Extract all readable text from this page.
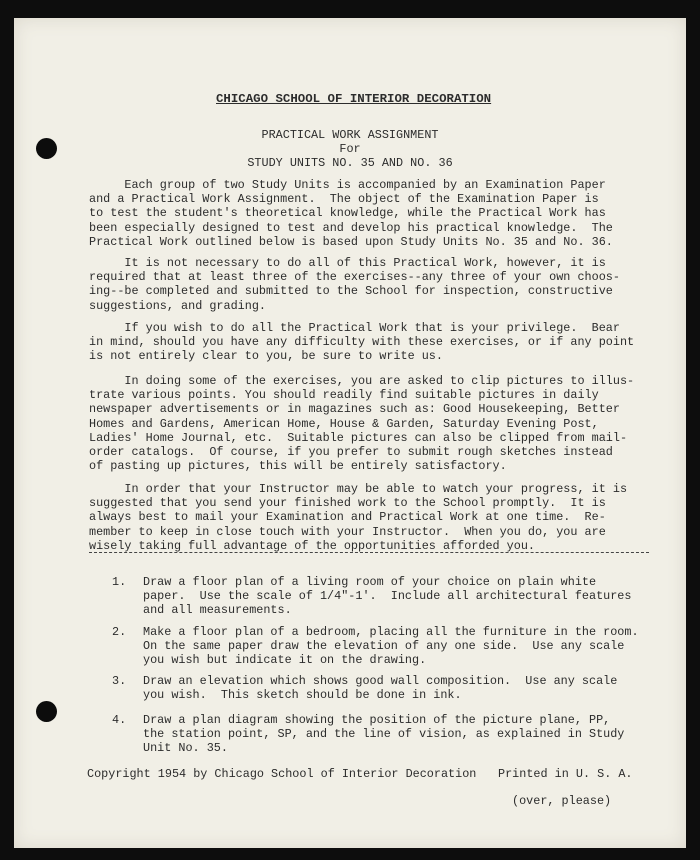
CHICAGO SCHOOL OF INTERIOR DECORATION
PRACTICAL WORK ASSIGNMENT
For
STUDY UNITS NO. 35 AND NO. 36
Each group of two Study Units is accompanied by an Examination Paper
and a Practical Work Assignment.  The object of the Examination Paper is
to test the student's theoretical knowledge, while the Practical Work has
been especially designed to test and develop his practical knowledge.  The
Practical Work outlined below is based upon Study Units No. 35 and No. 36.
It is not necessary to do all of this Practical Work, however, it is
required that at least three of the exercises--any three of your own choos-
ing--be completed and submitted to the School for inspection, constructive
suggestions, and grading.
If you wish to do all the Practical Work that is your privilege.  Bear
in mind, should you have any difficulty with these exercises, or if any point
is not entirely clear to you, be sure to write us.
In doing some of the exercises, you are asked to clip pictures to illus-
trate various points. You should readily find suitable pictures in daily
newspaper advertisements or in magazines such as: Good Housekeeping, Better
Homes and Gardens, American Home, House & Garden, Saturday Evening Post,
Ladies' Home Journal, etc.  Suitable pictures can also be clipped from mail-
order catalogs.  Of course, if you prefer to submit rough sketches instead
of pasting up pictures, this will be entirely satisfactory.
In order that your Instructor may be able to watch your progress, it is
suggested that you send your finished work to the School promptly.  It is
always best to mail your Examination and Practical Work at one time.  Re-
member to keep in close touch with your Instructor.  When you do, you are
wisely taking full advantage of the opportunities afforded you.
1. Draw a floor plan of a living room of your choice on plain white
paper.  Use the scale of 1/4"-1'.  Include all architectural features
and all measurements.
2. Make a floor plan of a bedroom, placing all the furniture in the room.
On the same paper draw the elevation of any one side.  Use any scale
you wish but indicate it on the drawing.
3. Draw an elevation which shows good wall composition.  Use any scale
you wish.  This sketch should be done in ink.
4. Draw a plan diagram showing the position of the picture plane, PP,
the station point, SP, and the line of vision, as explained in Study
Unit No. 35.
Copyright 1954 by Chicago School of Interior Decoration Printed in U. S. A.
(over, please)
